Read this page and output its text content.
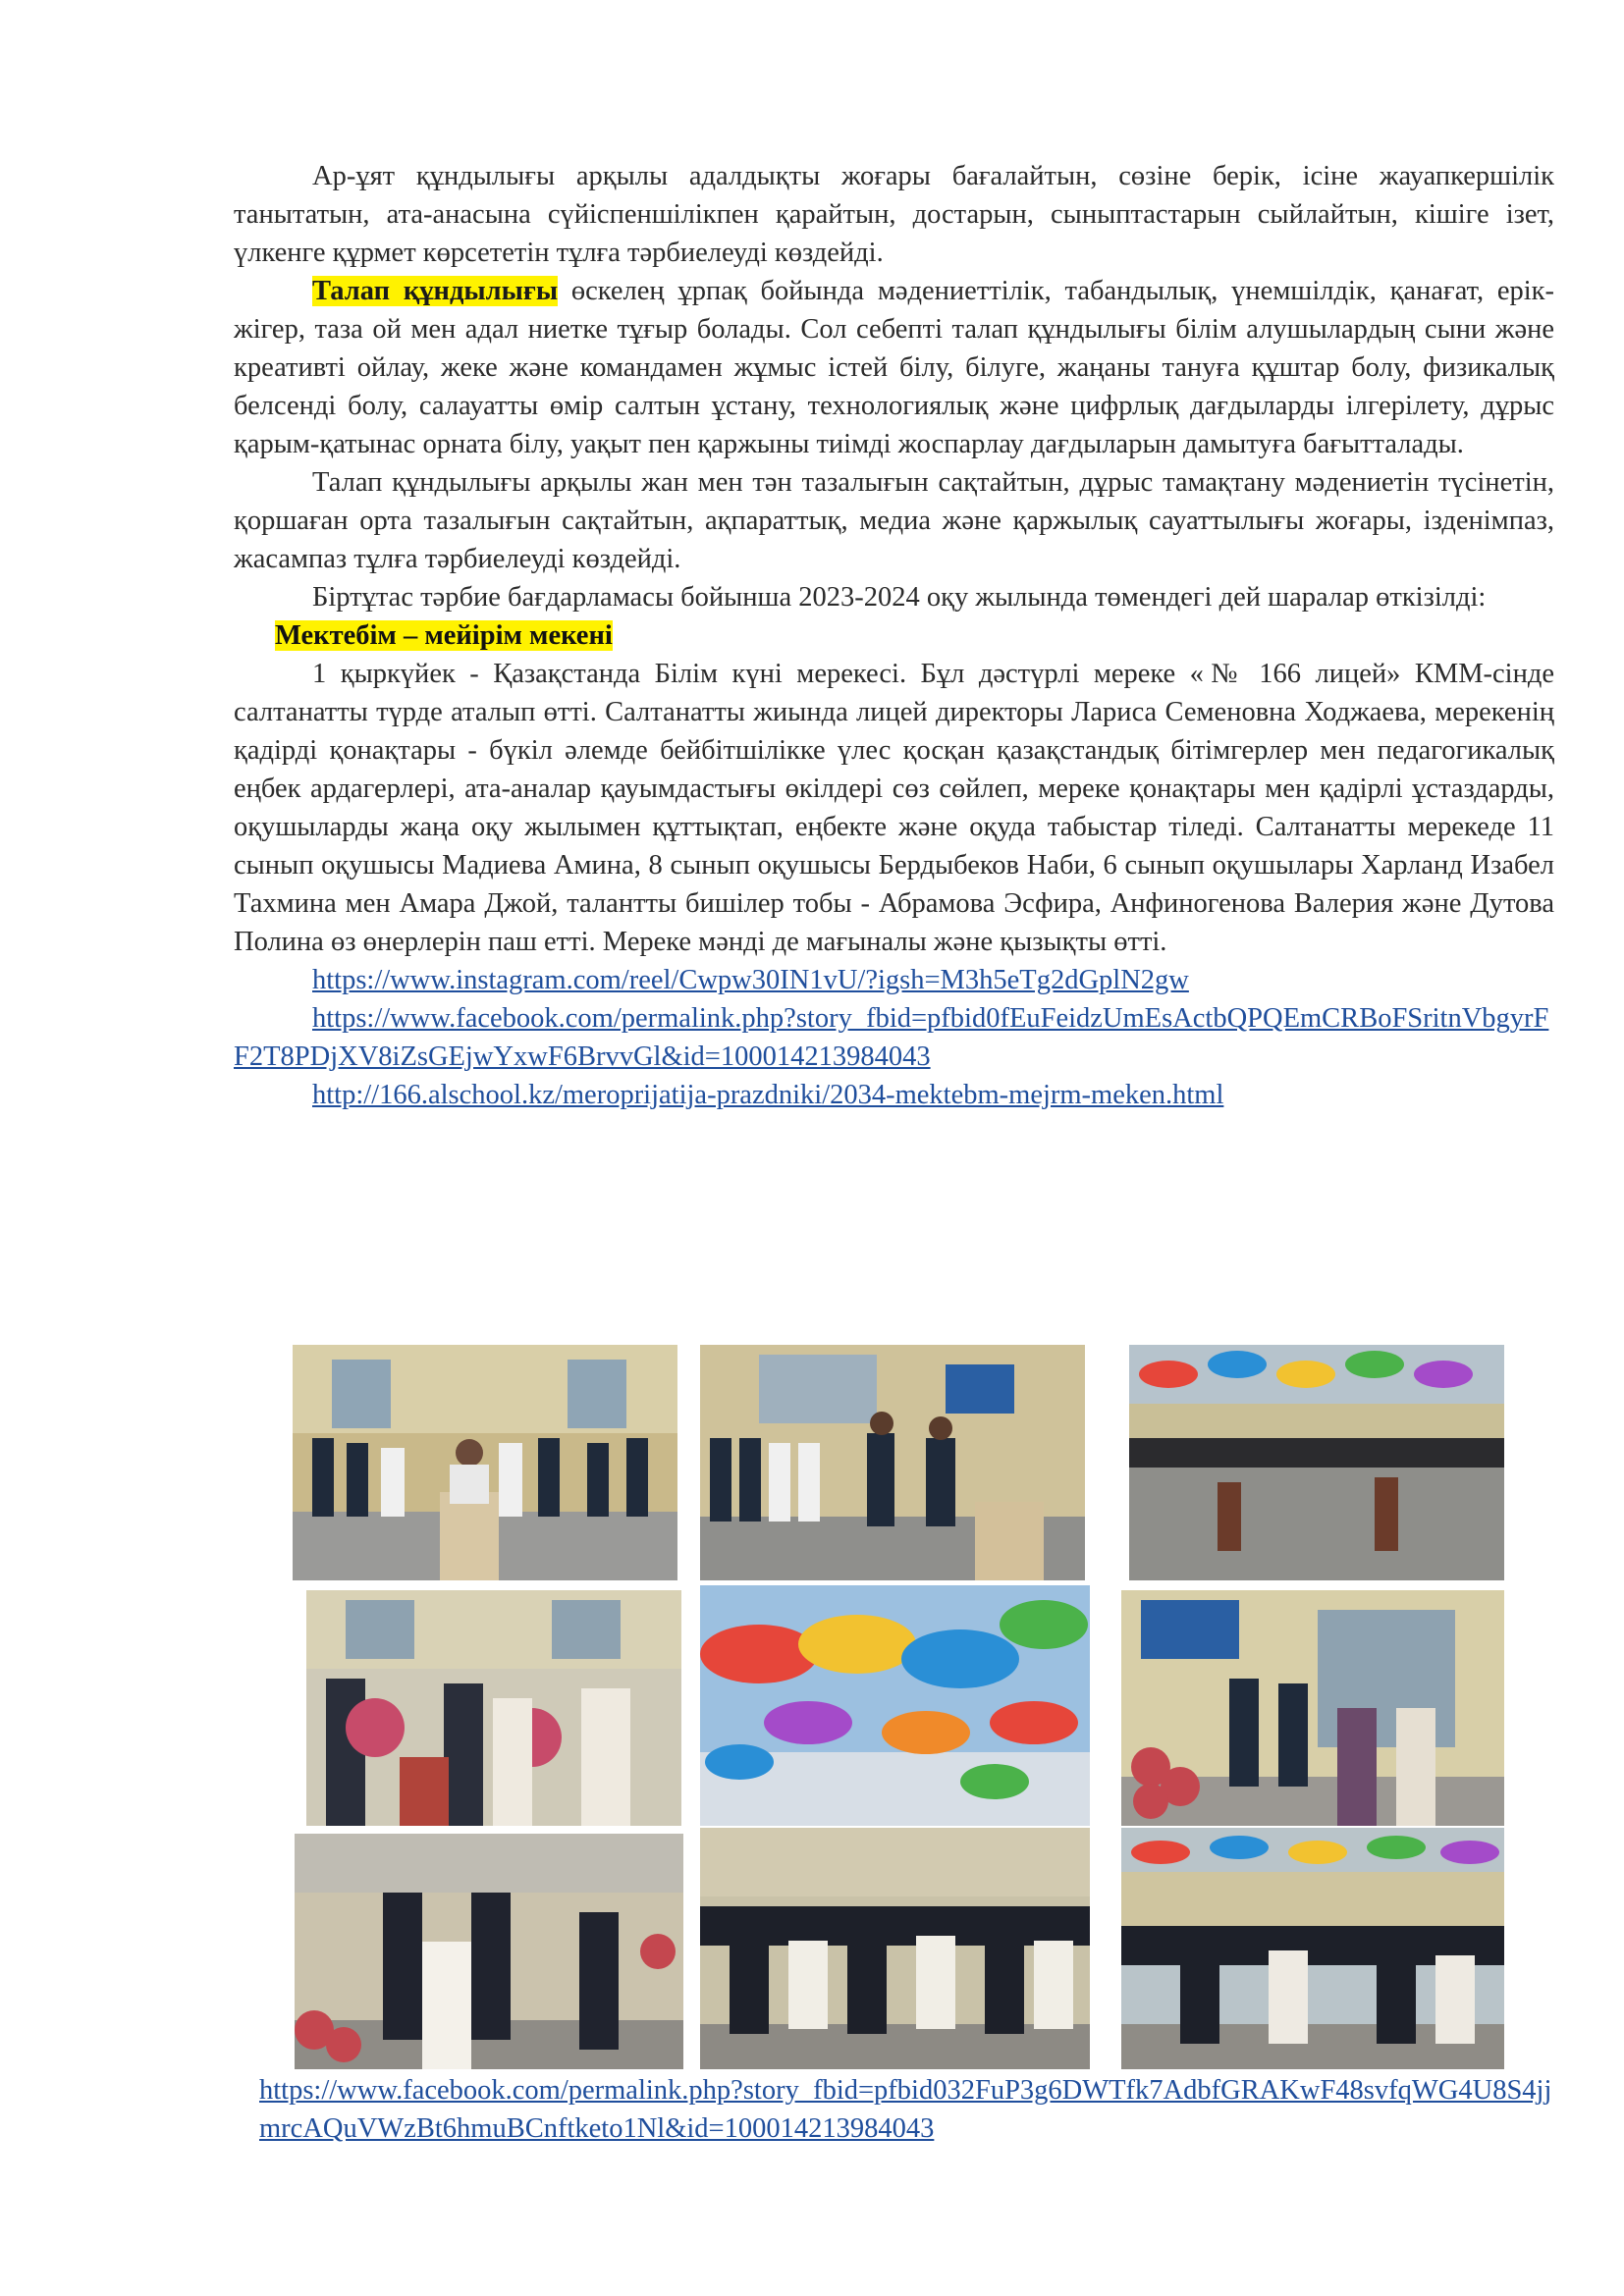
Ар-ұят құндылығы арқылы адалдықты жоғары бағалайтын, сөзіне берік, ісіне жауапкершілік танытатын, ата-анасына сүйіспеншілікпен қарайтын, достарын, сыныптастарын сыйлайтын, кішіге ізет, үлкенге құрмет көрсететін тұлға тәрбиелеуді көздейді.

Талап құндылығы өскелең ұрпақ бойында мәдениеттілік, табандылық, үнемшілдік, қанағат, ерік-жігер, таза ой мен адал ниетке тұғыр болады. Сол себепті талап құндылығы білім алушылардың сыни және креативті ойлау, жеке және командамен жұмыс істей білу, білуге, жаңаны тануға құштар болу, физикалық белсенді болу, салауатты өмір салтын ұстану, технологиялық және цифрлық дағдыларды ілгерілету, дұрыс қарым-қатынас орната білу, уақыт пен қаржыны тиімді жоспарлау дағдыларын дамытуға бағытталады.

Талап құндылығы арқылы жан мен тән тазалығын сақтайтын, дұрыс тамақтану мәдениетін түсінетін, қоршаған орта тазалығын сақтайтын, ақпараттық, медиа және қаржылық сауаттылығы жоғары, ізденімпаз, жасампаз тұлға тәрбиелеуді көздейді.

Біртұтас тәрбие бағдарламасы бойынша 2023-2024 оқу жылында төмендегі дей шаралар өткізілді:

Мектебім – мейірім мекені

1 қыркүйек - Қазақстанда Білім күні мерекесі. Бұл дәстүрлі мереке «№ 166 лицей» КММ-сінде салтанатты түрде аталып өтті. Салтанатты жиында лицей директоры Лариса Семеновна Ходжаева, мерекенің қадірді қонақтары - бүкіл әлемде бейбітшілікке үлес қосқан қазақстандық бітімгерлер мен педагогикалық еңбек ардагерлері, ата-аналар қауымдастығы өкілдері сөз сөйлеп, мереке қонақтары мен қадірлі ұстаздарды, оқушыларды жаңа оқу жылымен құттықтап, еңбекте және оқуда табыстар тіледі. Салтанатты мерекеде 11 сынып оқушысы Мадиева Амина, 8 сынып оқушысы Бердыбеков Наби, 6 сынып оқушылары Харланд Изабел Тахмина мен Амара Джой, талантты бишілер тобы - Абрамова Эсфира, Анфиногенова Валерия және Дутова Полина өз өнерлерін паш етті. Мереке мәнді де мағыналы және қызықты өтті.

https://www.instagram.com/reel/Cwpw30IN1vU/?igsh=M3h5eTg2dGplN2gw

https://www.facebook.com/permalink.php?story_fbid=pfbid0fEuFeidzUmEsActbQPQEmCRBoFSritnVbgyrFF2T8PDjXV8iZsGEjwYxwF6BrvvGl&id=100014213984043

http://166.alschool.kz/meroprijatija-prazdniki/2034-mektebm-mejrm-meken.html

https://www.facebook.com/permalink.php?story_fbid=pfbid032FuP3g6DWTfk7AdbfGRAKwF48svfqWG4U8S4jjmrcAQuVWzBt6hmuBCnftketo1Nl&id=100014213984043
